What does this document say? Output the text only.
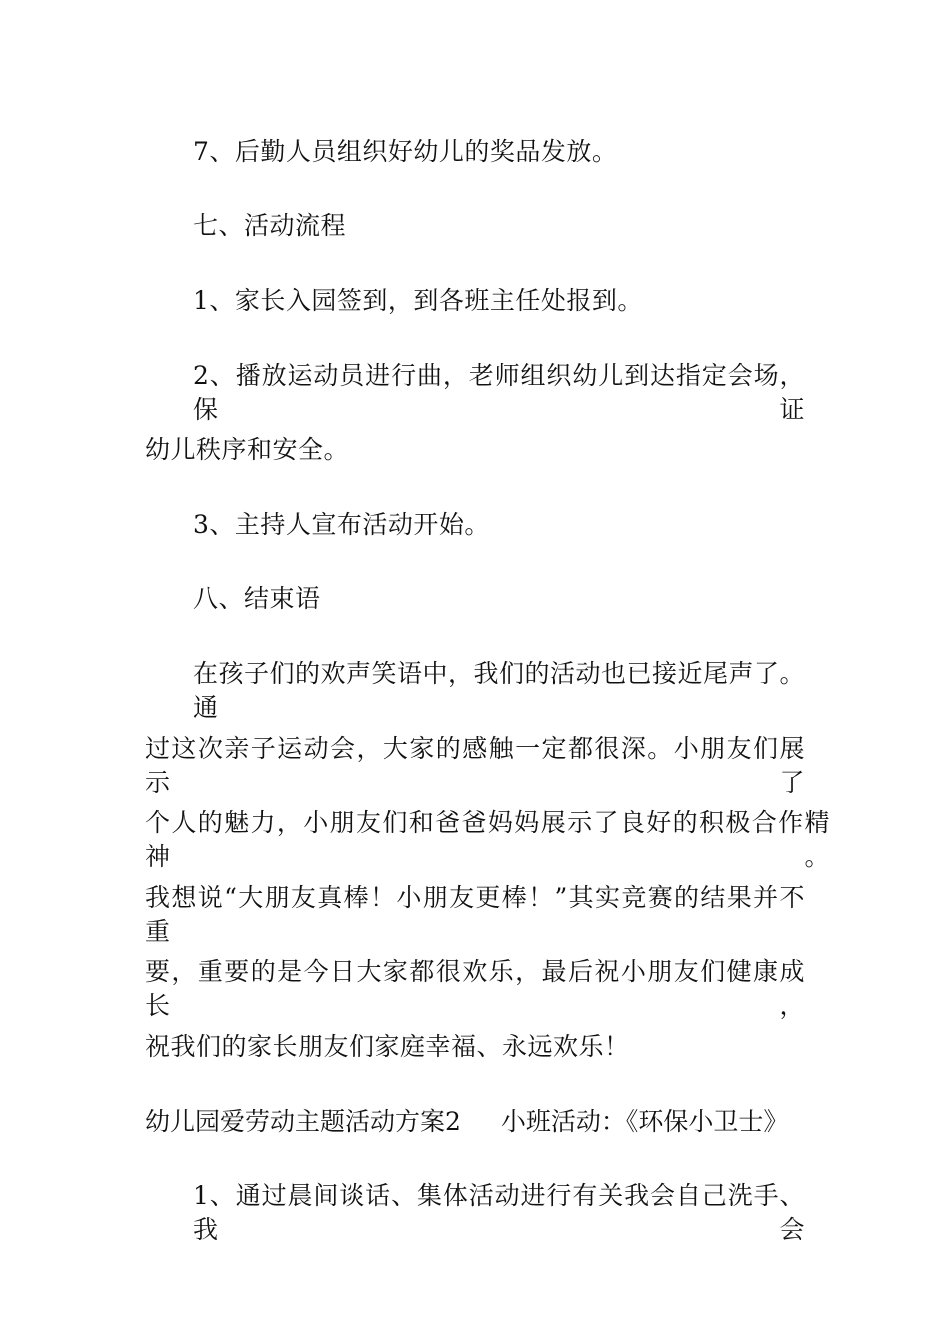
7、后勤人员组织好幼儿的奖品发放。
七、活动流程
1、家长入园签到，到各班主任处报到。
2、播放运动员进行曲，老师组织幼儿到达指定会场，保证
幼儿秩序和安全。
3、主持人宣布活动开始。
八、结束语
在孩子们的欢声笑语中，我们的活动也已接近尾声了。通
过这次亲子运动会，大家的感触一定都很深。小朋友们展示了
个人的魅力，小朋友们和爸爸妈妈展示了良好的积极合作精神。
我想说“大朋友真棒！小朋友更棒！”其实竞赛的结果并不重
要，重要的是今日大家都很欢乐，最后祝小朋友们健康成长，
祝我们的家长朋友们家庭幸福、永远欢乐！
幼儿园爱劳动主题活动方案2 小班活动：《环保小卫士》
1、通过晨间谈话、集体活动进行有关我会自己洗手、我会
